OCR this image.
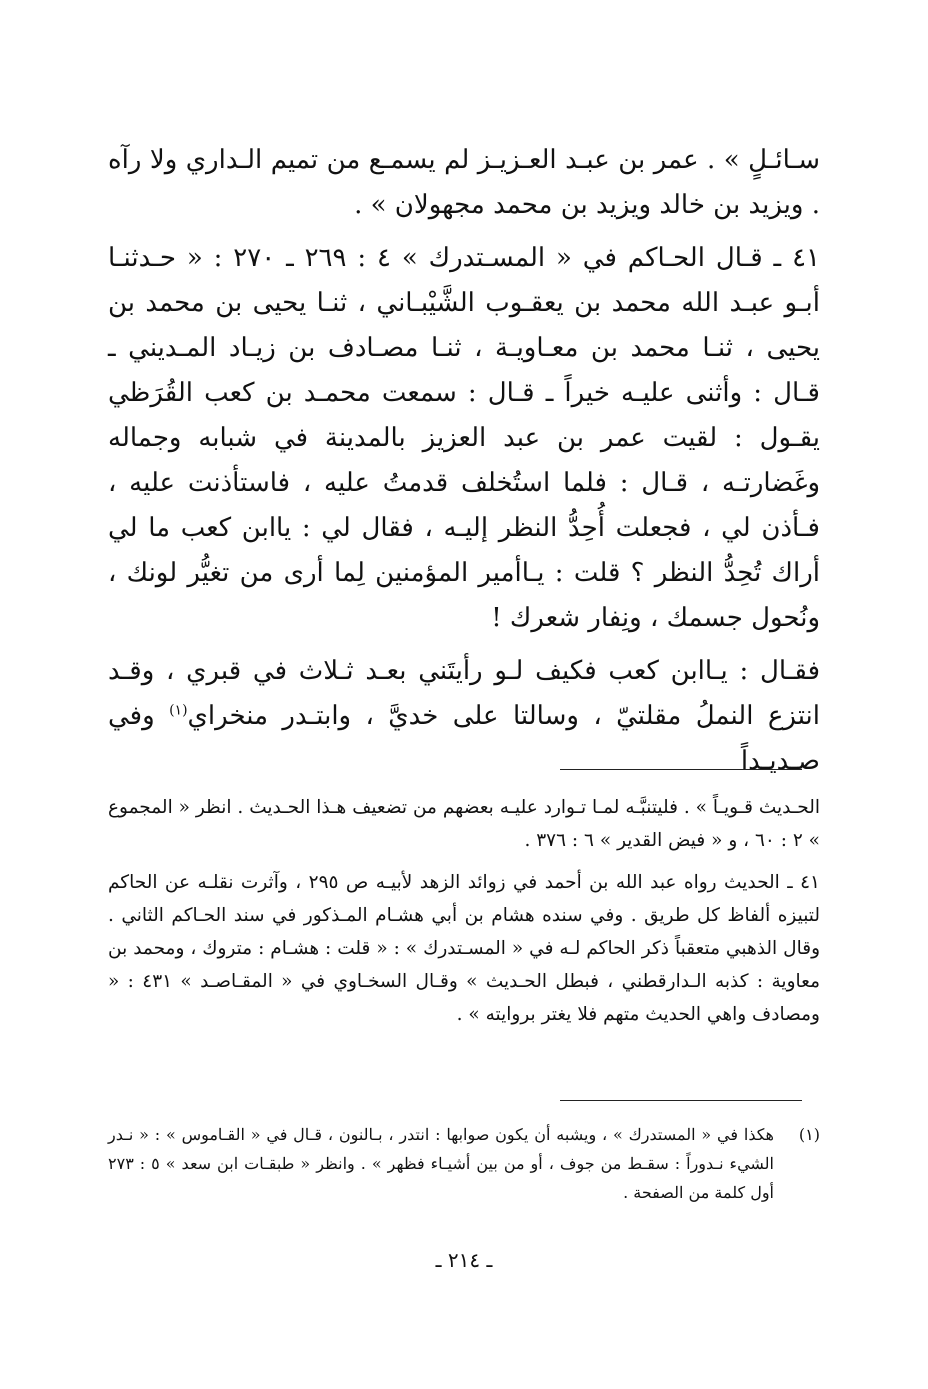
سـائـلٍ » . عمر بن عبـد العـزيـز لم يسمـع من تميم الـداري ولا رآه . ويزيد بن خالد ويزيد بن محمد مجهولان » .

٤١ ـ قـال الحـاكم في « المسـتدرك » ٤ : ٢٦٩ ـ ٢٧٠ : « حـدثنـا أبـو عبـد الله محمد بن يعقـوب الشَّيْبـاني ، ثنـا يحيى بن محمد بن يحيى ، ثنـا محمد بن معـاويـة ، ثنـا مصـادف بن زيـاد المـديني ـ قـال : وأثنى عليـه خيراً ـ قـال : سمعت محمـد بن كعب القُرَظي يقـول : لقيت عمر بن عبد العزيز بالمدينة في شبابه وجماله وغَضارتـه ، قـال : فلما استُخلف قدمتُ عليه ، فاستأذنت عليه ، فـأذن لي ، فجعلت أُحِدُّ النظر إليـه ، فقال لي : ياابن كعب ما لي أراك تُحِدُّ النظر ؟ قلت : يـاأمير المؤمنين لِما أرى من تغيُّر لونك ، ونُحول جسمك ، ونِفار شعرك !

فقـال : يـاابن كعب فكيف لـو رأيتَني بعـد ثـلاث في قبري ، وقـد انتزع النملُ مقلتيّ ، وسالتا على خديَّ ، وابتـدر منخراي$^{(١)}$ وفي صـديـداً

الحـديث قـويـاً » . فليتنبَّـه لمـا تـوارد عليـه بعضهم من تضعيف هـذا الحـديث . انظر « المجموع » ٢ : ٦٠ ، و « فيض القدير » ٦ : ٣٧٦ .

٤١ ـ الحديث رواه عبد الله بن أحمد في زوائد الزهد لأبيـه ص ٢٩٥ ، وآثرت نقلـه عن الحاكم لتبيزه ألفاظ كل طريق . وفي سنده هشام بن أبي هشـام المـذكور في سند الحـاكم الثاني . وقال الذهبي متعقباً ذكر الحاكم لـه في « المسـتدرك » : « قلت : هشـام : متروك ، ومحمد بن معاوية : كذبه الـدارقطني ، فبطل الحـديث » وقـال السخـاوي في « المقـاصـد » ٤٣١ : « ومصادف واهي الحديث متهم فلا يغتر بروايته » .

(١)
هكذا في « المستدرك » ، ويشبه أن يكون صوابها : انتدر ، بـالنون ، قـال في « القـاموس » : « نـدر الشيء نـدوراً : سقـط من جوف ، أو من بين أشيـاء فظهر » . وانظر « طبقـات ابن سعد » ٥ : ٢٧٣ أول كلمة من الصفحة .
ـ ٢١٤ ـ
